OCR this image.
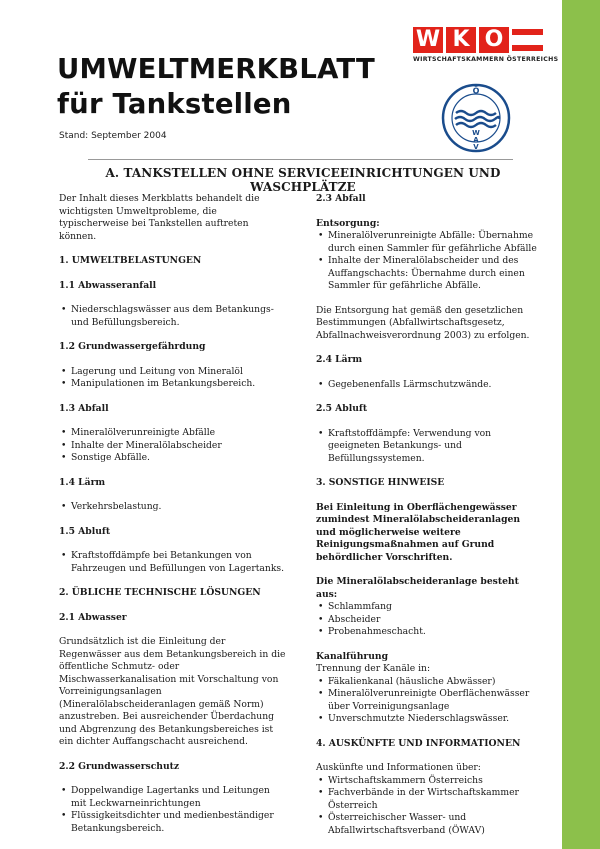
UMWELTMERKBLATT
für Tankstellen
Stand: September 2004
W K O
WIRTSCHAFTSKAMMERN ÖSTERREICHS
Ö
V
A
W
A. TANKSTELLEN OHNE SERVICEEINRICHTUNGEN UND WASCHPLÄTZE

Der Inhalt dieses Merkblatts behandelt die wichtigsten Umweltprobleme, die typischerweise bei Tankstellen auftreten können.

1. UMWELTBELASTUNGEN
1.1 Abwasseranfall
• Niederschlagswässer aus dem Betankungs- und Befüllungsbereich.
1.2 Grundwassergefährdung
• Lagerung und Leitung von Mineralöl
• Manipulationen im Betankungsbereich.
1.3 Abfall
• Mineralölverunreinigte Abfälle
• Inhalte der Mineralölabscheider
• Sonstige Abfälle.
1.4 Lärm
• Verkehrsbelastung.
1.5 Abluft
• Kraftstoffdämpfe bei Betankungen von Fahrzeugen und Befüllungen von Lagertanks.
2. ÜBLICHE TECHNISCHE LÖSUNGEN
2.1 Abwasser

Grundsätzlich ist die Einleitung der Regenwässer aus dem Betankungsbereich in die öffentliche Schmutz- oder Mischwasserkanalisation mit Vorschaltung von Vorreinigungsanlagen (Mineralölabscheideranlagen gemäß Norm) anzustreben. Bei ausreichender Überdachung und Abgrenzung des Betankungsbereiches ist ein dichter Auffangschacht ausreichend.

2.2 Grundwasserschutz
• Doppelwandige Lagertanks und Leitungen mit Leckwarneinrichtungen
• Flüssigkeitsdichter und medienbeständiger Betankungsbereich.
2.3 Abfall

Entsorgung:

• Mineralölverunreinigte Abfälle: Übernahme durch einen Sammler für gefährliche Abfälle
• Inhalte der Mineralölabscheider und des Auffangschachts: Übernahme durch einen Sammler für gefährliche Abfälle.

Die Entsorgung hat gemäß den gesetzlichen Bestimmungen (Abfallwirtschaftsgesetz, Abfallnachweisverordnung 2003) zu erfolgen.

2.4 Lärm
• Gegebenenfalls Lärmschutzwände.
2.5 Abluft
• Kraftstoffdämpfe: Verwendung von geeigneten Betankungs- und Befüllungssystemen.
3. SONSTIGE HINWEISE

Bei Einleitung in Oberflächengewässer zumindest Mineralölabscheideranlagen und möglicherweise weitere Reinigungsmaßnahmen auf Grund behördlicher Vorschriften.

Die Mineralölabscheideranlage besteht aus:

• Schlammfang
• Abscheider
• Probenahmeschacht.

Kanalführung

Trennung der Kanäle in:

• Fäkalienkanal (häusliche Abwässer)
• Mineralölverunreinigte Oberflächenwässer über Vorreinigungsanlage
• Unverschmutzte Niederschlagswässer.
4. AUSKÜNFTE UND INFORMATIONEN

Auskünfte und Informationen über:

• Wirtschaftskammern Österreichs
• Fachverbände in der Wirtschaftskammer Österreich
• Österreichischer Wasser- und Abfallwirtschaftsverband (ÖWAV)
